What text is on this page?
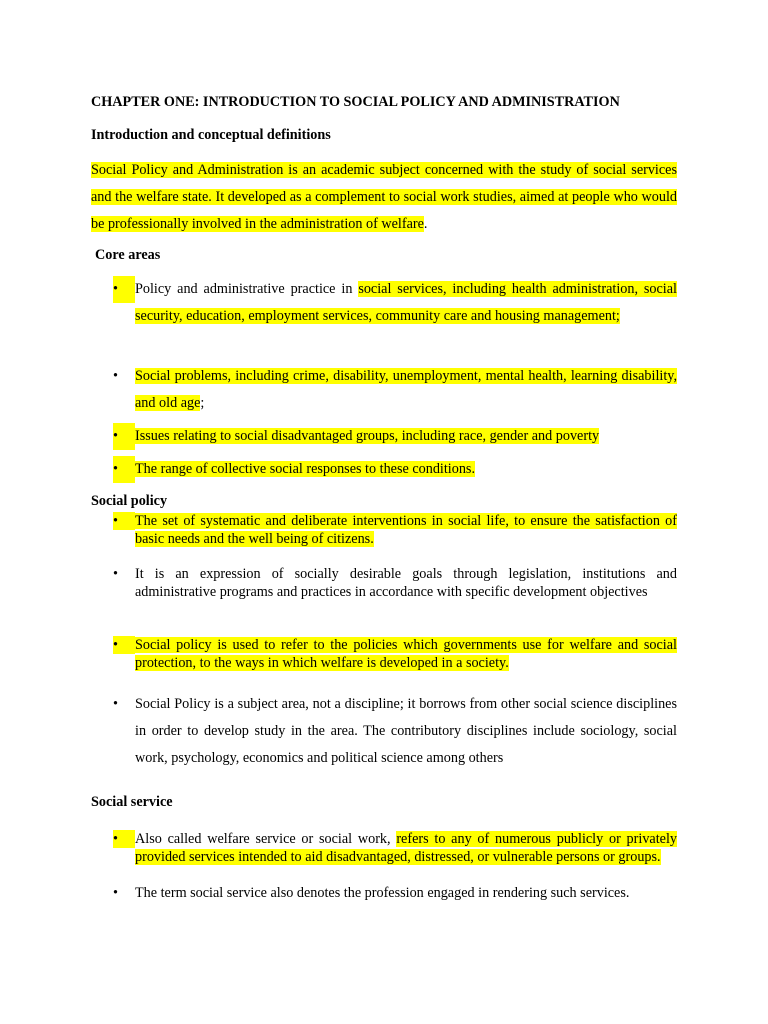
CHAPTER ONE: INTRODUCTION TO SOCIAL POLICY AND ADMINISTRATION
Introduction and conceptual definitions

Social Policy and Administration is an academic subject concerned with the study of social services and the welfare state. It developed as a complement to social work studies, aimed at people who would be professionally involved in the administration of welfare.

Core areas
•	Policy and administrative practice in social services, including health administration, social security, education, employment services, community care and housing management;
•	Social problems, including crime, disability, unemployment, mental health, learning disability, and old age;
•	Issues relating to social disadvantaged groups, including race, gender and poverty
•	The range of collective social responses to these conditions.
Social policy
•	The set of systematic and deliberate interventions in social life, to ensure the satisfaction of basic needs and the well being of citizens.
•	It is an expression of socially desirable goals through legislation, institutions and administrative programs and practices in accordance with specific development objectives
•	Social policy is used to refer to the policies which governments use for welfare and social protection, to the ways in which welfare is developed in a society.
•	Social Policy is a subject area, not a discipline; it borrows from other social science disciplines in order to develop study in the area. The contributory disciplines include sociology, social work, psychology, economics and political science among others
Social service
•	Also called welfare service or social work, refers to any of numerous publicly or privately provided services intended to aid disadvantaged, distressed, or vulnerable persons or groups.
•	The term social service also denotes the profession engaged in rendering such services.
